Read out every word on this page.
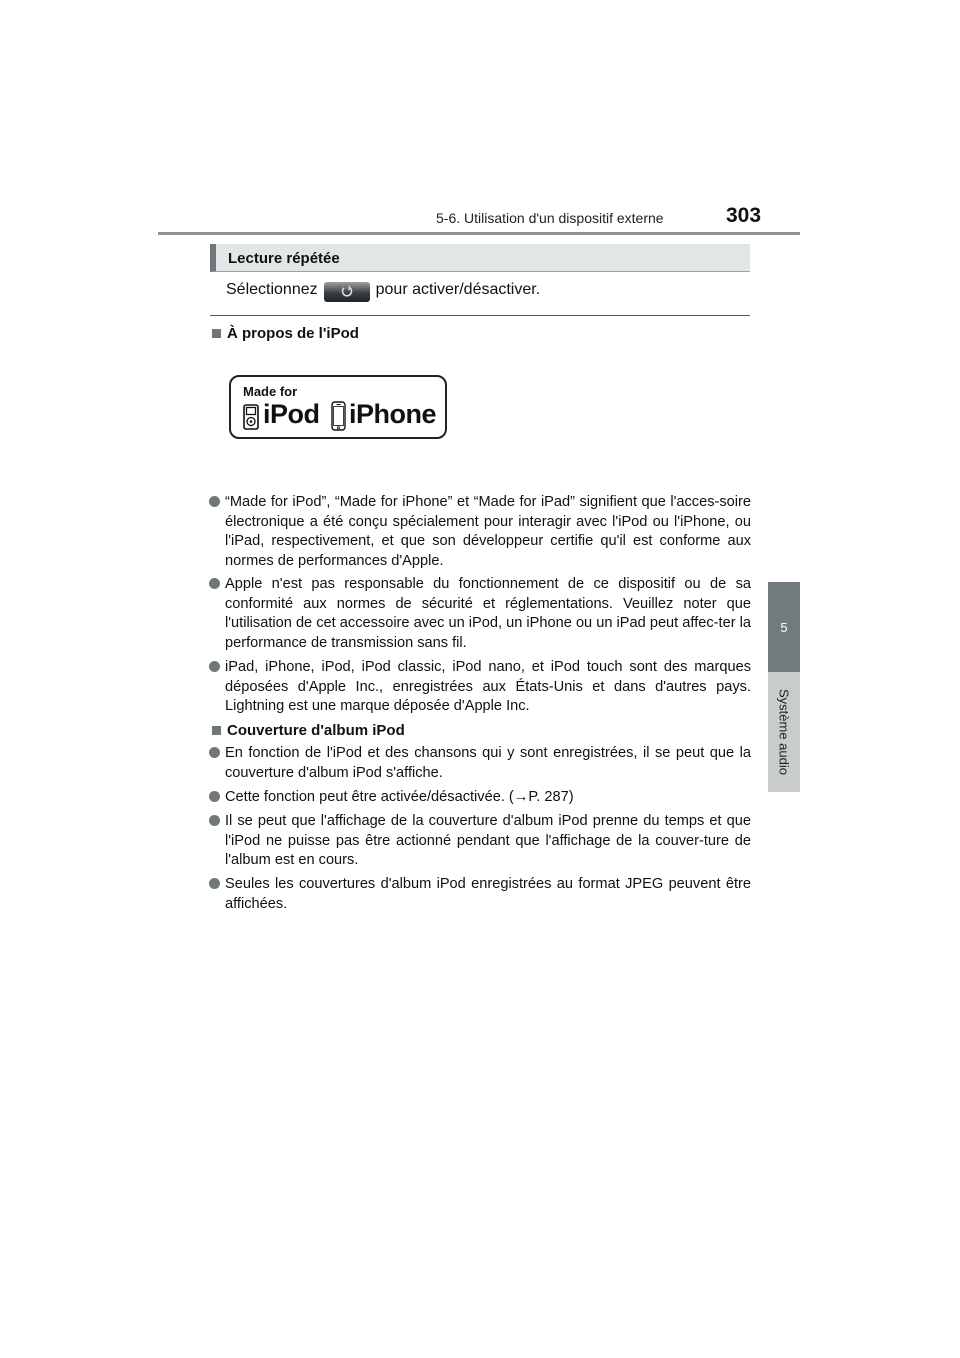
5-6. Utilisation d'un dispositif externe	303
5
Système audio
Lecture répétée
Sélectionnez	pour activer/désactiver.
À propos de l'iPod
Made for
iPod iPhone

“Made for iPod”, “Made for iPhone” et “Made for iPad” signifient que l'acces-soire électronique a été conçu spécialement pour interagir avec l'iPod ou l'iPhone, ou l'iPad, respectivement, et que son développeur certifie qu'il est conforme aux normes de performances d'Apple.

Apple n'est pas responsable du fonctionnement de ce dispositif ou de sa conformité aux normes de sécurité et réglementations. Veuillez noter que l'utilisation de cet accessoire avec un iPod, un iPhone ou un iPad peut affec-ter la performance de transmission sans fil.

iPad, iPhone, iPod, iPod classic, iPod nano, et iPod touch sont des marques déposées d'Apple Inc., enregistrées aux États-Unis et dans d'autres pays. Lightning est une marque déposée d'Apple Inc.

Couverture d'album iPod

En fonction de l'iPod et des chansons qui y sont enregistrées, il se peut que la couverture d'album iPod s'affiche.

Cette fonction peut être activée/désactivée. (→P. 287)

Il se peut que l'affichage de la couverture d'album iPod prenne du temps et que l'iPod ne puisse pas être actionné pendant que l'affichage de la couver-ture de l'album est en cours.

Seules les couvertures d'album iPod enregistrées au format JPEG peuvent être affichées.
